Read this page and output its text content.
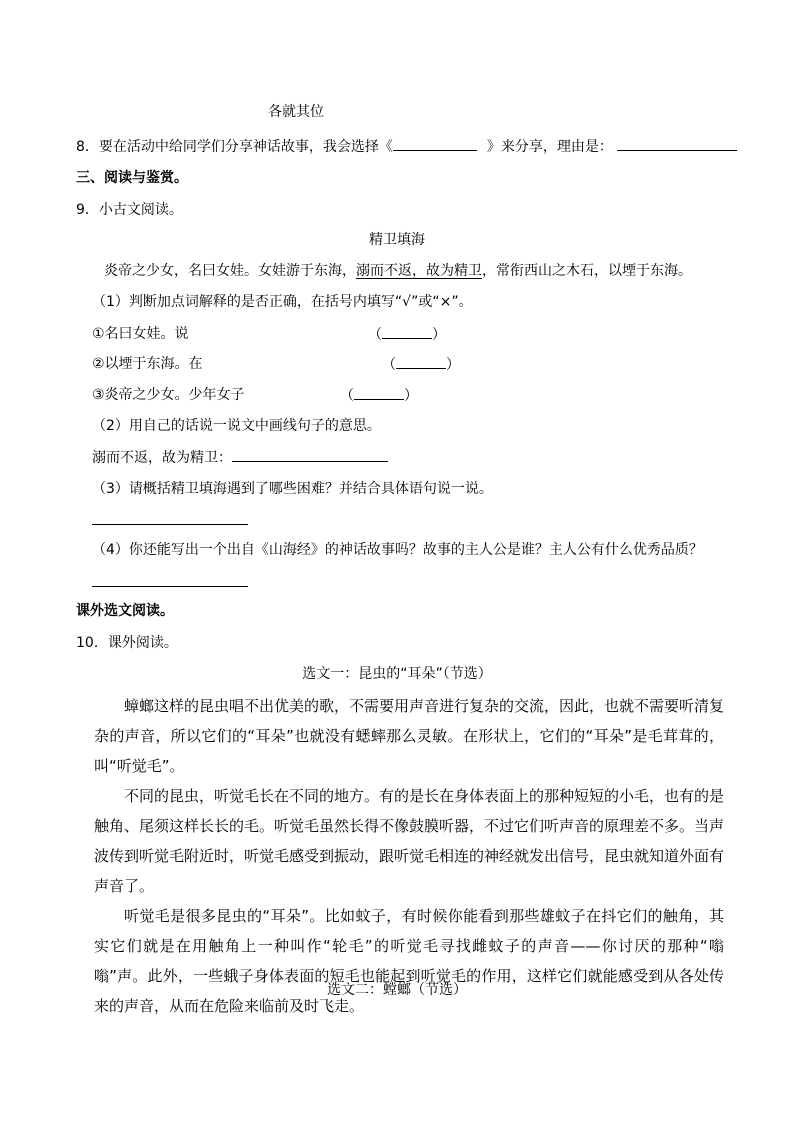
各就其位
8．要在活动中给同学们分享神话故事，我会选择《	》来分享，理由是：
三、阅读与鉴赏。
9．小古文阅读。
精卫填海
炎帝之少女，名曰女娃。女娃游于东海，溺而不返，故为精卫，常衔西山之木石，以堙于东海。
（1）判断加点词解释的是否正确，在括号内填写“√”或“×”。
①名曰女娃。说	（	）
②以堙于东海。在	（	）
③炎帝之少女。少年女子	（	）
（2）用自己的话说一说文中画线句子的意思。
溺而不返，故为精卫：
（3）请概括精卫填海遇到了哪些困难？并结合具体语句说一说。
（4）你还能写出一个出自《山海经》的神话故事吗？故事的主人公是谁？主人公有什么优秀品质？
课外选文阅读。
10．课外阅读。
选文一：昆虫的“耳朵”（节选）

蟑螂这样的昆虫唱不出优美的歌，不需要用声音进行复杂的交流，因此，也就不需要听清复杂的声音，所以它们的“耳朵”也就没有蟋蟀那么灵敏。在形状上，它们的“耳朵”是毛茸茸的，叫“听觉毛”。

不同的昆虫，听觉毛长在不同的地方。有的是长在身体表面上的那种短短的小毛，也有的是触角、尾须这样长长的毛。听觉毛虽然长得不像鼓膜听器，不过它们听声音的原理差不多。当声波传到听觉毛附近时，听觉毛感受到振动，跟听觉毛相连的神经就发出信号，昆虫就知道外面有声音了。

听觉毛是很多昆虫的“耳朵”。比如蚊子，有时候你能看到那些雄蚊子在抖它们的触角，其实它们就是在用触角上一种叫作“轮毛”的听觉毛寻找雌蚊子的声音——你讨厌的那种“嗡嗡”声。此外，一些蛾子身体表面的短毛也能起到听觉毛的作用，这样它们就能感受到从各处传来的声音，从而在危险来临前及时飞走。

选文二：螳螂（节选）
